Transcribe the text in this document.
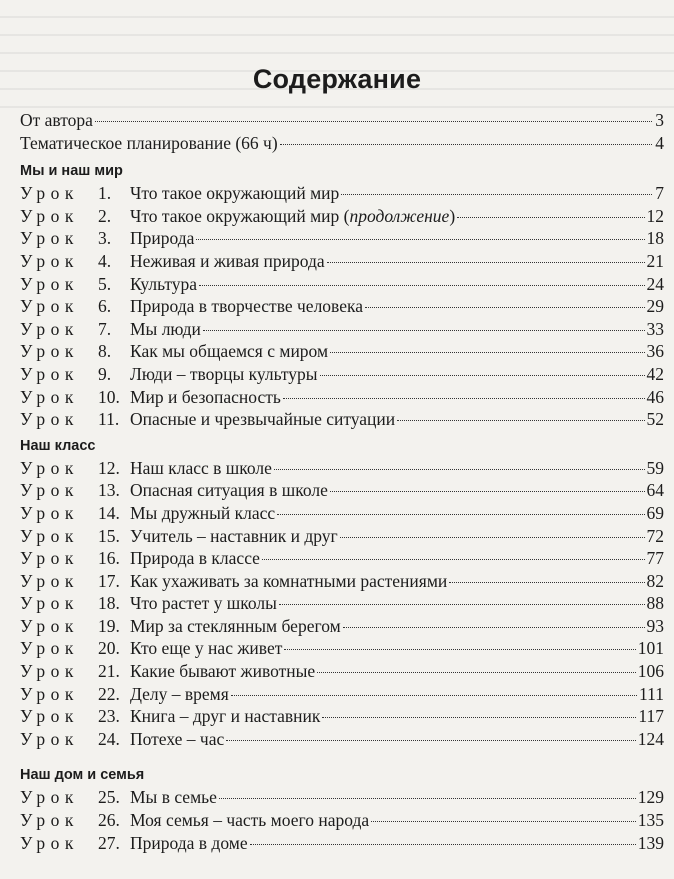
Содержание
От автора	3
Тематическое планирование (66 ч)	4
Мы и наш мир
Урок	1.	Что такое окружающий мир	7
Урок	2.	Что такое окружающий мир (продолжение)	12
Урок	3.	Природа	18
Урок	4.	Неживая и живая природа	21
Урок	5.	Культура	24
Урок	6.	Природа в творчестве человека	29
Урок	7.	Мы люди	33
Урок	8.	Как мы общаемся с миром	36
Урок	9.	Люди – творцы культуры	42
Урок	10. Мир и безопасность	46
Урок	11. Опасные и чрезвычайные ситуации	52
Наш класс
Урок	12. Наш класс в школе	59
Урок	13. Опасная ситуация в школе	64
Урок	14. Мы дружный класс	69
Урок	15. Учитель – наставник и друг	72
Урок	16. Природа в классе	77
Урок	17. Как ухаживать за комнатными растениями	82
Урок	18. Что растет у школы	88
Урок	19. Мир за стеклянным берегом	93
Урок	20. Кто еще у нас живет	101
Урок	21. Какие бывают животные	106
Урок	22. Делу – время	111
Урок	23. Книга – друг и наставник	117
Урок	24. Потехе – час	124
Наш дом и семья
Урок	25. Мы в семье	129
Урок	26. Моя семья – часть моего народа	135
Урок	27. Природа в доме	139
